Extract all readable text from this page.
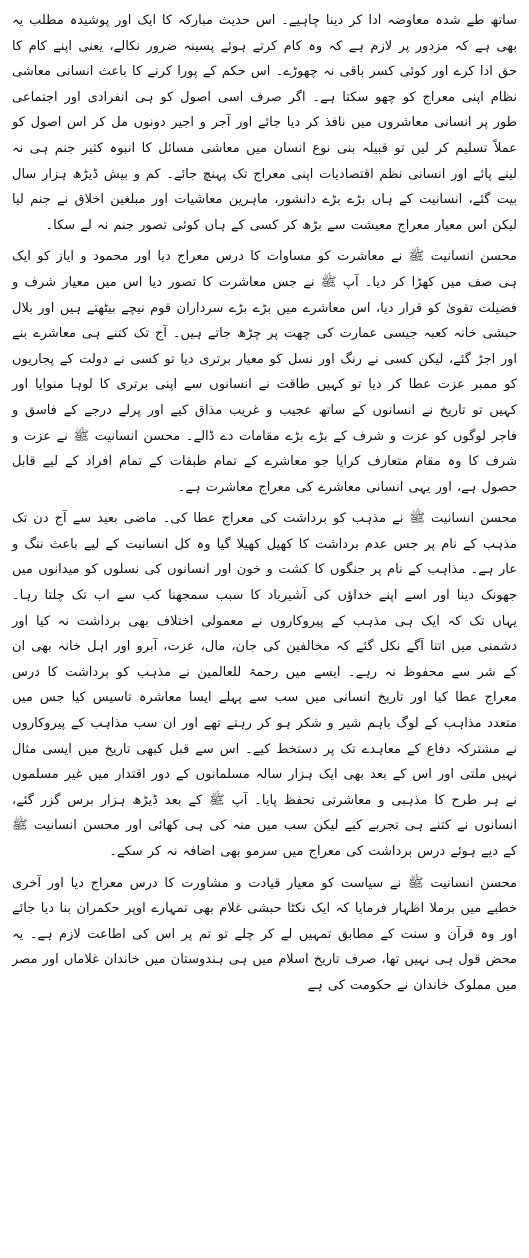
ساتھ طے شدہ معاوضہ ادا کر دینا چاہیے۔ اس حدیث مبارکہ کا ایک اور پوشیدہ مطلب یہ بھی ہے کہ مزدور پر لازم ہے کہ وہ کام کرتے ہوئے پسینہ ضرور نکالے، یعنی اپنے کام کا حق ادا کرے اور کوئی کسر باقی نہ چھوڑے۔ اس حکم کے پورا کرنے کا باعث انسانی معاشی نظام اپنی معراج کو چھو سکتا ہے۔ اگر صرف اسی اصول کو ہی انفرادی اور اجتماعی طور پر انسانی معاشروں میں نافذ کر دیا جائے اور آجر و اجیر دونوں مل کر اس اصول کو عملاً تسلیم کر لیں تو قبیلہ بنی نوع انسان میں معاشی مسائل کا انبوہ کثیر جنم ہی نہ لینے پائے اور انسانی نظم اقتصادیات اپنی معراج تک پہنچ جائے۔ کم و بیش ڈیڑھ ہزار سال بیت گئے، انسانیت کے ہاں بڑے بڑے دانشور، ماہرین معاشیات اور مبلغین اخلاق نے جنم لیا لیکن اس معیار معراج معیشت سے بڑھ کر کسی کے ہاں کوئی تصور جنم نہ لے سکا۔

محسن انسانیت ﷺ نے معاشرت کو مساوات کا درس معراج دیا اور محمود و ایاز کو ایک ہی صف میں کھڑا کر دیا۔ آپ ﷺ نے جس معاشرت کا تصور دیا اس میں معیار شرف و فضیلت تقویٰ کو قرار دیا، اس معاشرے میں بڑے بڑے سرداران قوم نیچے بیٹھتے ہیں اور بلال حبشی خانہ کعبہ جیسی عمارت کی چھت پر چڑھ جاتے ہیں۔ آج تک کتنے ہی معاشرے بنے اور اجڑ گئے، لیکن کسی نے رنگ اور نسل کو معیار برتری دیا تو کسی نے دولت کے پجاریوں کو ممبر عزت عطا کر دیا تو کہیں طاقت نے انسانوں سے اپنی برتری کا لوہا منوایا اور کہیں تو تاریخ نے انسانوں کے ساتھ عجیب و غریب مذاق کیے اور پرلے درجے کے فاسق و فاجر لوگوں کو عزت و شرف کے بڑے بڑے مقامات دے ڈالے۔ محسن انسانیت ﷺ نے عزت و شرف کا وہ مقام متعارف کرایا جو معاشرے کے تمام طبقات کے تمام افراد کے لیے قابل حصول ہے، اور یہی انسانی معاشرے کی معراج معاشرت ہے۔

محسن انسانیت ﷺ نے مذہب کو برداشت کی معراج عطا کی۔ ماضی بعید سے آج دن تک مذہب کے نام پر جس عدم برداشت کا کھیل کھیلا گیا وہ کل انسانیت کے لیے باعث ننگ و عار ہے۔ مذاہب کے نام پر جنگوں کا کشت و خون اور انسانوں کی نسلوں کو میدانوں میں جھونک دینا اور اسے اپنے خداؤں کی آشیرباد کا سبب سمجھنا کب سے اب تک چلتا رہا۔ یہاں تک کہ ایک ہی مذہب کے پیروکاروں نے معمولی اختلاف بھی برداشت نہ کیا اور دشمنی میں اتنا آگے نکل گئے کہ مخالفین کی جان، مال، عزت، آبرو اور اہل خانہ بھی ان کے شر سے محفوظ نہ رہے۔ ایسے میں رحمۃ للعالمین نے مذہب کو برداشت کا درس معراج عطا کیا اور تاریخ انسانی میں سب سے پہلے ایسا معاشرہ تاسیس کیا جس میں متعدد مذاہب کے لوگ باہم شیر و شکر ہو کر رہتے تھے اور ان سب مذاہب کے پیروکاروں نے مشترکہ دفاع کے معاہدے تک پر دستخط کیے۔ اس سے قبل کبھی تاریخ میں ایسی مثال نہیں ملتی اور اس کے بعد بھی ایک ہزار سالہ مسلمانوں کے دور اقتدار میں غیر مسلموں نے ہر طرح کا مذہبی و معاشرتی تحفظ پایا۔ آپ ﷺ کے بعد ڈیڑھ ہزار برس گزر گئے، انسانوں نے کتنے ہی تجربے کیے لیکن سب میں منہ کی ہی کھائی اور محسن انسانیت ﷺ کے دیے ہوئے درس برداشت کی معراج میں سرمو بھی اضافہ نہ کر سکے۔

محسن انسانیت ﷺ نے سیاست کو معیار قیادت و مشاورت کا درس معراج دیا اور آخری خطبے میں برملا اظہار فرمایا کہ ایک نکٹا حبشی غلام بھی تمہارے اوپر حکمران بنا دیا جائے اور وہ قرآن و سنت کے مطابق تمہیں لے کر چلے تو تم پر اس کی اطاعت لازم ہے۔ یہ محض قول ہی نہیں تھا، صرف تاریخ اسلام میں ہی ہندوستان میں خاندان غلاماں اور مصر میں مملوک خاندان نے حکومت کی ہے
